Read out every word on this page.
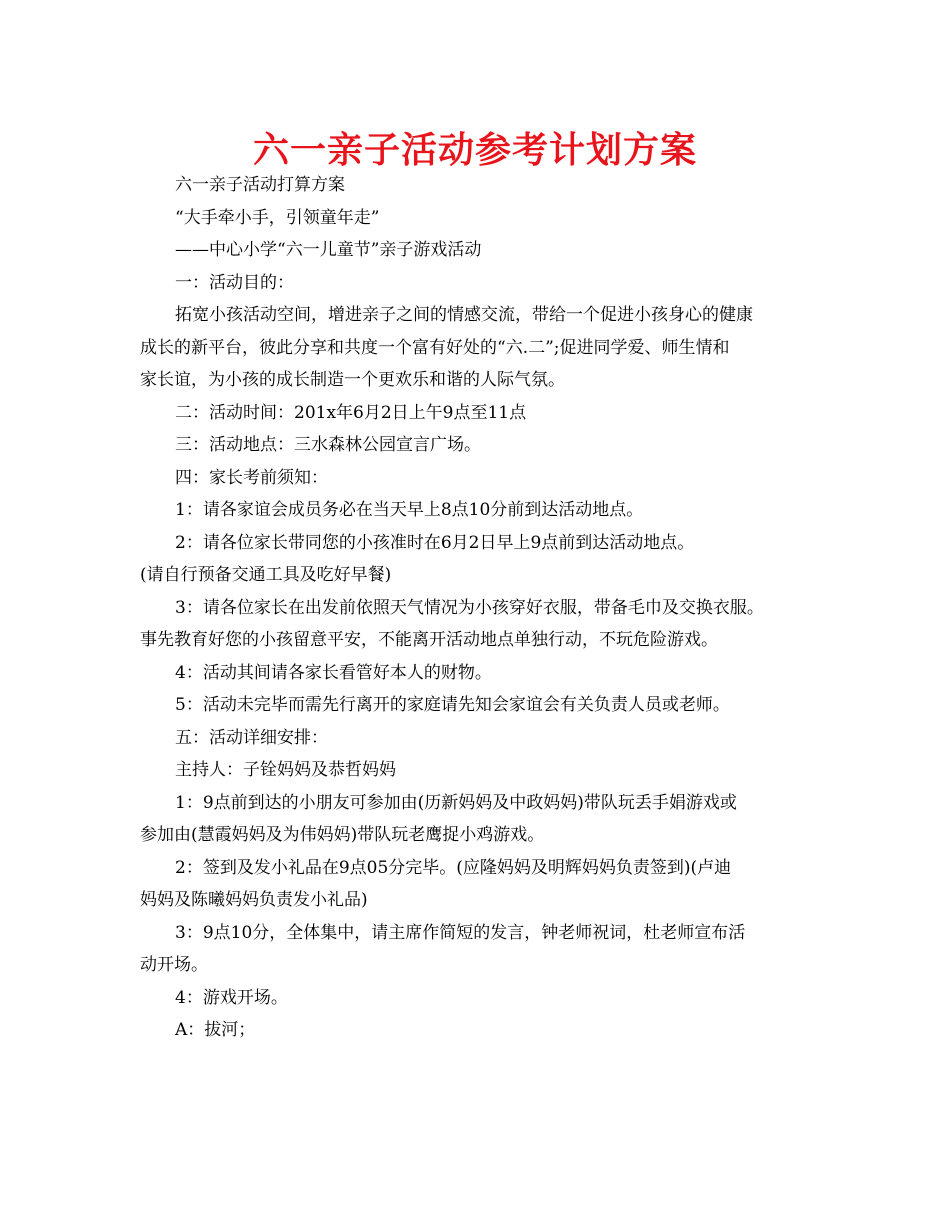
六一亲子活动参考计划方案

六一亲子活动打算方案

“大手牵小手，引领童年走”

——中心小学“六一儿童节”亲子游戏活动

一：活动目的：

拓宽小孩活动空间，增进亲子之间的情感交流，带给一个促进小孩身心的健康

成长的新平台，彼此分享和共度一个富有好处的“六.二”;促进同学爱、师生情和

家长谊，为小孩的成长制造一个更欢乐和谐的人际气氛。

二：活动时间：201x年6月2日上午9点至11点

三：活动地点：三水森林公园宣言广场。

四：家长考前须知：

1：请各家谊会成员务必在当天早上8点10分前到达活动地点。

2：请各位家长带同您的小孩准时在6月2日早上9点前到达活动地点。

(请自行预备交通工具及吃好早餐)

3：请各位家长在出发前依照天气情况为小孩穿好衣服，带备毛巾及交换衣服。

事先教育好您的小孩留意平安，不能离开活动地点单独行动，不玩危险游戏。

4：活动其间请各家长看管好本人的财物。

5：活动未完毕而需先行离开的家庭请先知会家谊会有关负责人员或老师。

五：活动详细安排：

主持人：子铨妈妈及恭哲妈妈

1：9点前到达的小朋友可参加由(历新妈妈及中政妈妈)带队玩丢手娟游戏或

参加由(慧霞妈妈及为伟妈妈)带队玩老鹰捉小鸡游戏。

2：签到及发小礼品在9点05分完毕。(应隆妈妈及明辉妈妈负责签到)(卢迪

妈妈及陈曦妈妈负责发小礼品)

3：9点10分，全体集中，请主席作简短的发言，钟老师祝词，杜老师宣布活

动开场。

4：游戏开场。

A：拔河；
